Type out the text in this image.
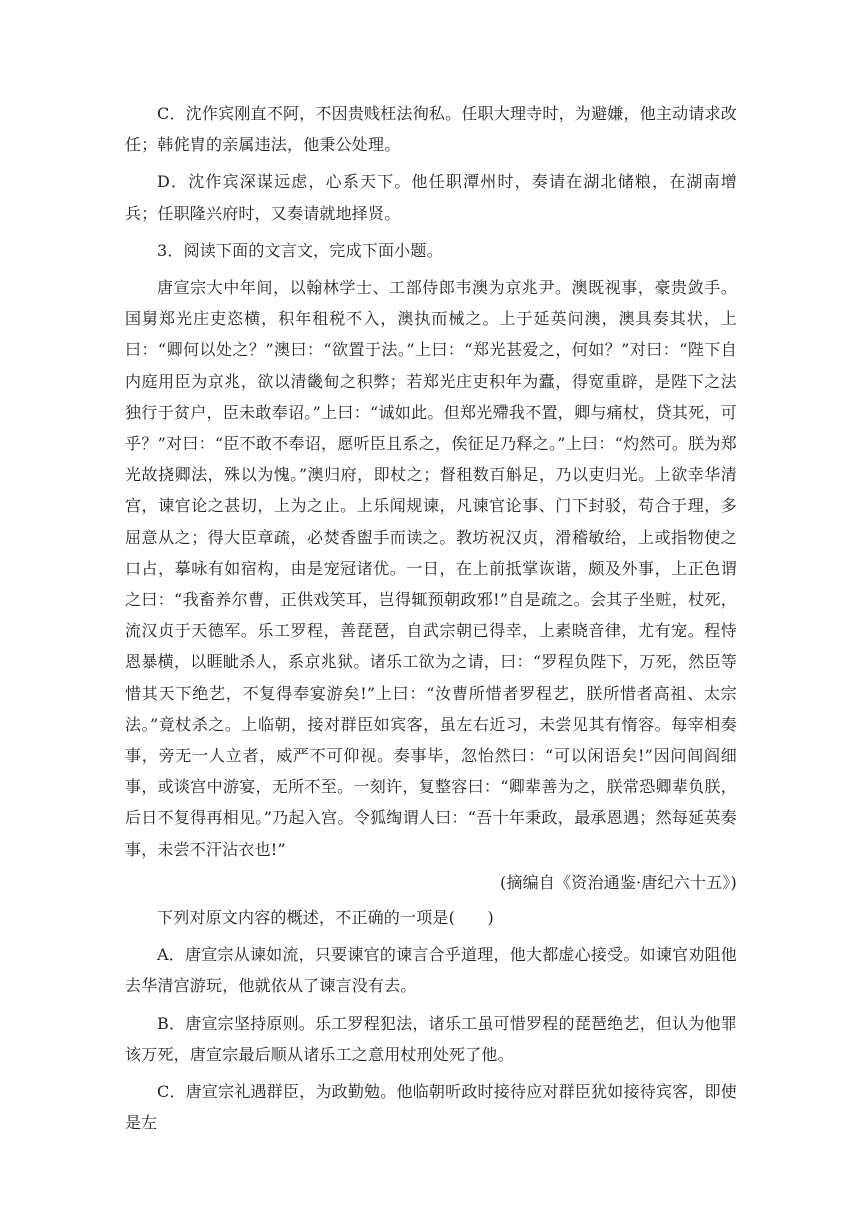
C．沈作宾刚直不阿，不因贵贱枉法徇私。任职大理寺时，为避嫌，他主动请求改任；韩侂胄的亲属违法，他秉公处理。

D．沈作宾深谋远虑，心系天下。他任职潭州时，奏请在湖北储粮，在湖南增兵；任职隆兴府时，又奏请就地择贤。

3．阅读下面的文言文，完成下面小题。

唐宣宗大中年间，以翰林学士、工部侍郎韦澳为京兆尹。澳既视事，豪贵敛手。国舅郑光庄吏恣横，积年租税不入，澳执而械之。上于延英问澳，澳具奏其状，上曰：“卿何以处之？”澳曰：“欲置于法。”上曰：“郑光甚爱之，何如？”对曰：“陛下自内庭用臣为京兆，欲以清畿甸之积弊；若郑光庄吏积年为蠹，得宽重辟，是陛下之法独行于贫户，臣未敢奉诏。”上曰：“诚如此。但郑光殢我不置，卿与痛杖，贷其死，可乎？”对曰：“臣不敢不奉诏，愿听臣且系之，俟征足乃释之。”上曰：“灼然可。朕为郑光故挠卿法，殊以为愧。”澳归府，即杖之；督租数百斛足，乃以吏归光。上欲幸华清宫，谏官论之甚切，上为之止。上乐闻规谏，凡谏官论事、门下封驳，苟合于理，多屈意从之；得大臣章疏，必焚香盥手而读之。教坊祝汉贞，滑稽敏给，上或指物使之口占，摹咏有如宿构，由是宠冠诸优。一日，在上前抵掌诙谐，颇及外事，上正色谓之曰：“我畜养尔曹，正供戏笑耳，岂得辄预朝政邪!”自是疏之。会其子坐赃，杖死，流汉贞于天德军。乐工罗程，善琵琶，自武宗朝已得幸，上素晓音律，尤有宠。程恃恩暴横，以睚眦杀人，系京兆狱。诸乐工欲为之请，曰：“罗程负陛下，万死，然臣等惜其天下绝艺，不复得奉宴游矣!”上曰：“汝曹所惜者罗程艺，朕所惜者高祖、太宗法。”竟杖杀之。上临朝，接对群臣如宾客，虽左右近习，未尝见其有惰容。每宰相奏事，旁无一人立者，威严不可仰视。奏事毕，忽怡然曰：“可以闲语矣!”因问闾阎细事，或谈宫中游宴，无所不至。一刻许，复整容曰：“卿辈善为之，朕常恐卿辈负朕，后日不复得再相见。”乃起入宫。令狐绹谓人曰：“吾十年秉政，最承恩遇；然每延英奏事，未尝不汗沾衣也!”

(摘编自《资治通鉴·唐纪六十五》)

下列对原文内容的概述，不正确的一项是(　　)

A．唐宣宗从谏如流，只要谏官的谏言合乎道理，他大都虚心接受。如谏官劝阻他去华清宫游玩，他就依从了谏言没有去。

B．唐宣宗坚持原则。乐工罗程犯法，诸乐工虽可惜罗程的琵琶绝艺，但认为他罪该万死，唐宣宗最后顺从诸乐工之意用杖刑处死了他。

C．唐宣宗礼遇群臣，为政勤勉。他临朝听政时接待应对群臣犹如接待宾客，即使是左
